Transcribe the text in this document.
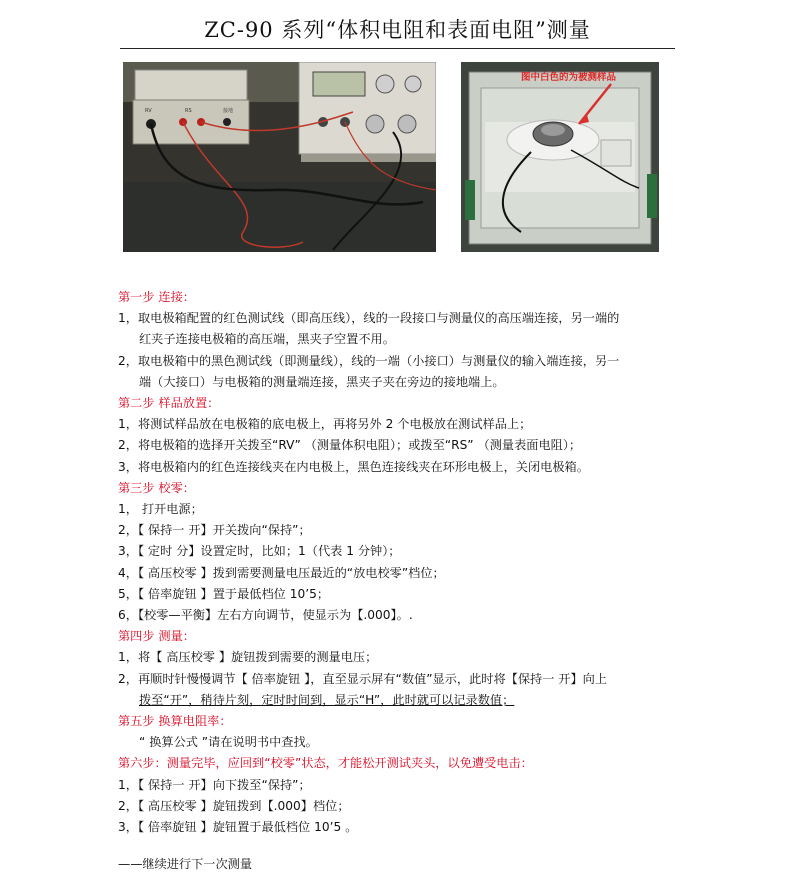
ZC-90 系列“体积电阻和表面电阻”测量
RV	RS	接地
图中白色的为被测样品

第一步 连接：

1，取电极箱配置的红色测试线（即高压线），线的一段接口与测量仪的高压端连接，另一端的

红夹子连接电极箱的高压端，黑夹子空置不用。

2，取电极箱中的黑色测试线（即测量线），线的一端（小接口）与测量仪的输入端连接，另一

端（大接口）与电极箱的测量端连接，黑夹子夹在旁边的接地端上。

第二步 样品放置：

1，将测试样品放在电极箱的底电极上，再将另外 2 个电极放在测试样品上；

2，将电极箱的选择开关拨至“RV” （测量体积电阻）；或拨至“RS” （测量表面电阻）；

3，将电极箱内的红色连接线夹在内电极上，黑色连接线夹在环形电极上，关闭电极箱。

第三步 校零：

1， 打开电源；

2，【 保持一 开】开关拨向“保持”；

3，【 定时 分】设置定时，比如；1（代表 1 分钟）；

4，【 高压校零 】拨到需要测量电压最近的“放电校零”档位；

5，【 倍率旋钮 】置于最低档位 10’5；

6，【校零—平衡】左右方向调节，使显示为【.000】。.

第四步 测量：

1，将【 高压校零 】旋钮拨到需要的测量电压；

2，再顺时针慢慢调节【 倍率旋钮 】，直至显示屏有“数值”显示，此时将【保持一 开】向上

拨至“开”，稍待片刻，定时时间到，显示“H”，此时就可以记录数值；

第五步 换算电阻率：

“ 换算公式 ”请在说明书中查找。

第六步：测量完毕，应回到“校零”状态，才能松开测试夹头，以免遭受电击：

1，【 保持一 开】向下拨至“保持”；

2，【 高压校零 】旋钮拨到【.000】档位；

3，【 倍率旋钮 】旋钮置于最低档位 10’5 。

——继续进行下一次测量
